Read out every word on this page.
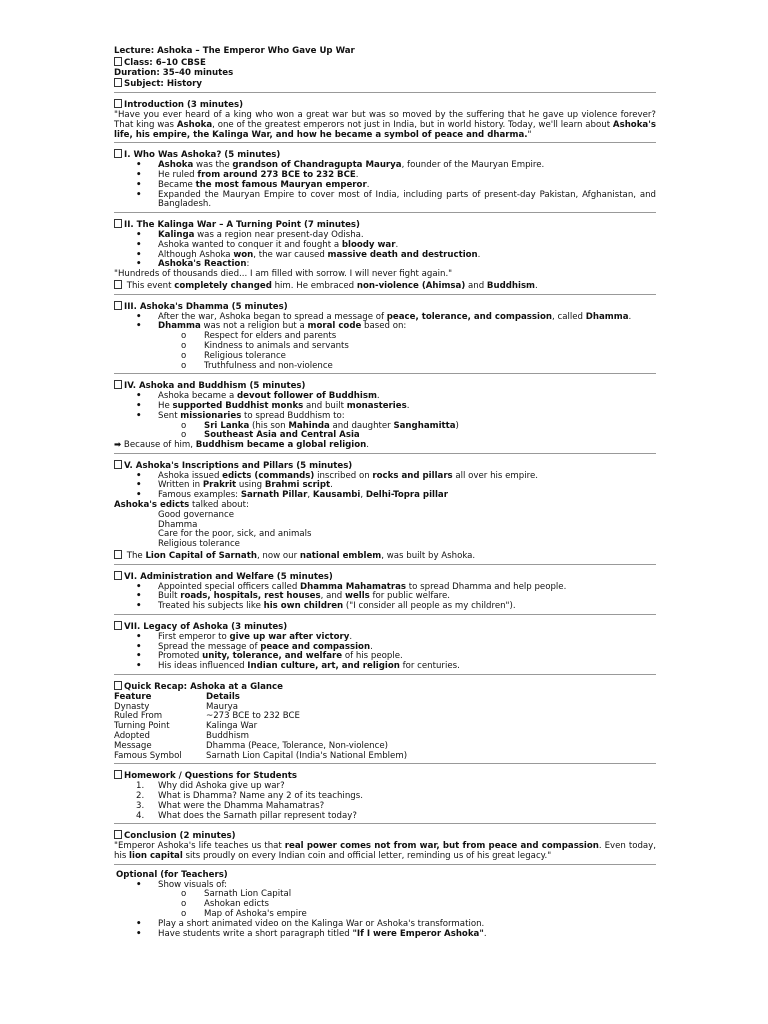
Lecture: Ashoka – The Emperor Who Gave Up War
Class: 6–10 CBSE
Duration: 35–40 minutes
Subject: History
Introduction (3 minutes)
"Have you ever heard of a king who won a great war but was so moved by the suffering that he gave up violence forever? That king was Ashoka, one of the greatest emperors not just in India, but in world history. Today, we'll learn about Ashoka's life, his empire, the Kalinga War, and how he became a symbol of peace and dharma."
I. Who Was Ashoka? (5 minutes)
• Ashoka was the grandson of Chandragupta Maurya, founder of the Mauryan Empire.
• He ruled from around 273 BCE to 232 BCE.
• Became the most famous Mauryan emperor.
• Expanded the Mauryan Empire to cover most of India, including parts of present-day Pakistan, Afghanistan, and Bangladesh.
II. The Kalinga War – A Turning Point (7 minutes)
• Kalinga was a region near present-day Odisha.
• Ashoka wanted to conquer it and fought a bloody war.
• Although Ashoka won, the war caused massive death and destruction.
• Ashoka's Reaction:
"Hundreds of thousands died... I am filled with sorrow. I will never fight again."
This event completely changed him. He embraced non-violence (Ahimsa) and Buddhism.
III. Ashoka's Dhamma (5 minutes)
• After the war, Ashoka began to spread a message of peace, tolerance, and compassion, called Dhamma.
• Dhamma was not a religion but a moral code based on:
o Respect for elders and parents
o Kindness to animals and servants
o Religious tolerance
o Truthfulness and non-violence
IV. Ashoka and Buddhism (5 minutes)
• Ashoka became a devout follower of Buddhism.
• He supported Buddhist monks and built monasteries.
• Sent missionaries to spread Buddhism to:
o Sri Lanka (his son Mahinda and daughter Sanghamitta)
o Southeast Asia and Central Asia
➡ Because of him, Buddhism became a global religion.
V. Ashoka's Inscriptions and Pillars (5 minutes)
• Ashoka issued edicts (commands) inscribed on rocks and pillars all over his empire.
• Written in Prakrit using Brahmi script.
• Famous examples: Sarnath Pillar, Kausambi, Delhi-Topra pillar
Ashoka's edicts talked about:
Good governance
Dhamma
Care for the poor, sick, and animals
Religious tolerance
The Lion Capital of Sarnath, now our national emblem, was built by Ashoka.
VI. Administration and Welfare (5 minutes)
• Appointed special officers called Dhamma Mahamatras to spread Dhamma and help people.
• Built roads, hospitals, rest houses, and wells for public welfare.
• Treated his subjects like his own children ("I consider all people as my children").
VII. Legacy of Ashoka (3 minutes)
• First emperor to give up war after victory.
• Spread the message of peace and compassion.
• Promoted unity, tolerance, and welfare of his people.
• His ideas influenced Indian culture, art, and religion for centuries.
Quick Recap: Ashoka at a Glance
Feature	Details
Dynasty	Maurya
Ruled From	~273 BCE to 232 BCE
Turning Point	Kalinga War
Adopted	Buddhism
Message	Dhamma (Peace, Tolerance, Non-violence)
Famous Symbol	Sarnath Lion Capital (India's National Emblem)
Homework / Questions for Students
1. Why did Ashoka give up war?
2. What is Dhamma? Name any 2 of its teachings.
3. What were the Dhamma Mahamatras?
4. What does the Sarnath pillar represent today?
Conclusion (2 minutes)
"Emperor Ashoka's life teaches us that real power comes not from war, but from peace and compassion. Even today, his lion capital sits proudly on every Indian coin and official letter, reminding us of his great legacy."
Optional (for Teachers)
• Show visuals of:
o Sarnath Lion Capital
o Ashokan edicts
o Map of Ashoka's empire
• Play a short animated video on the Kalinga War or Ashoka's transformation.
• Have students write a short paragraph titled "If I were Emperor Ashoka".
